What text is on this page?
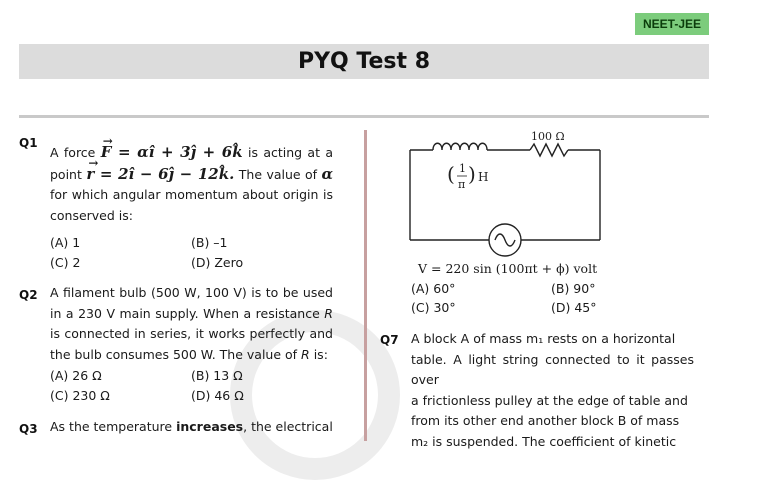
NEET-JEE
PYQ Test 8
Q1
A force → F = αî + 3ĵ + 6k̂ is acting at a point → r = 2î − 6ĵ − 12k̂. The value of α for which angular momentum about origin is conserved is:
(A) 1	(B) –1
(C) 2	(D) Zero
Q2 A filament bulb (500 W, 100 V) is to be used in a 230 V main supply. When a resistance R is connected in series, it works perfectly and the bulb consumes 500 W. The value of R is:
(A) 26 Ω	(B) 13 Ω
(C) 230 Ω	(D) 46 Ω
Q3 As the temperature increases, the electrical
100 Ω
( 1
π ) H
V = 220 sin (100πt + ϕ) volt
(A) 60°	(B) 90°
(C) 30°	(D) 45°
Q7 A block A of mass m₁ rests on a horizontal
table. A light string connected to it passes over
a frictionless pulley at the edge of table and
from its other end another block B of mass
m₂ is suspended. The coefficient of kinetic
